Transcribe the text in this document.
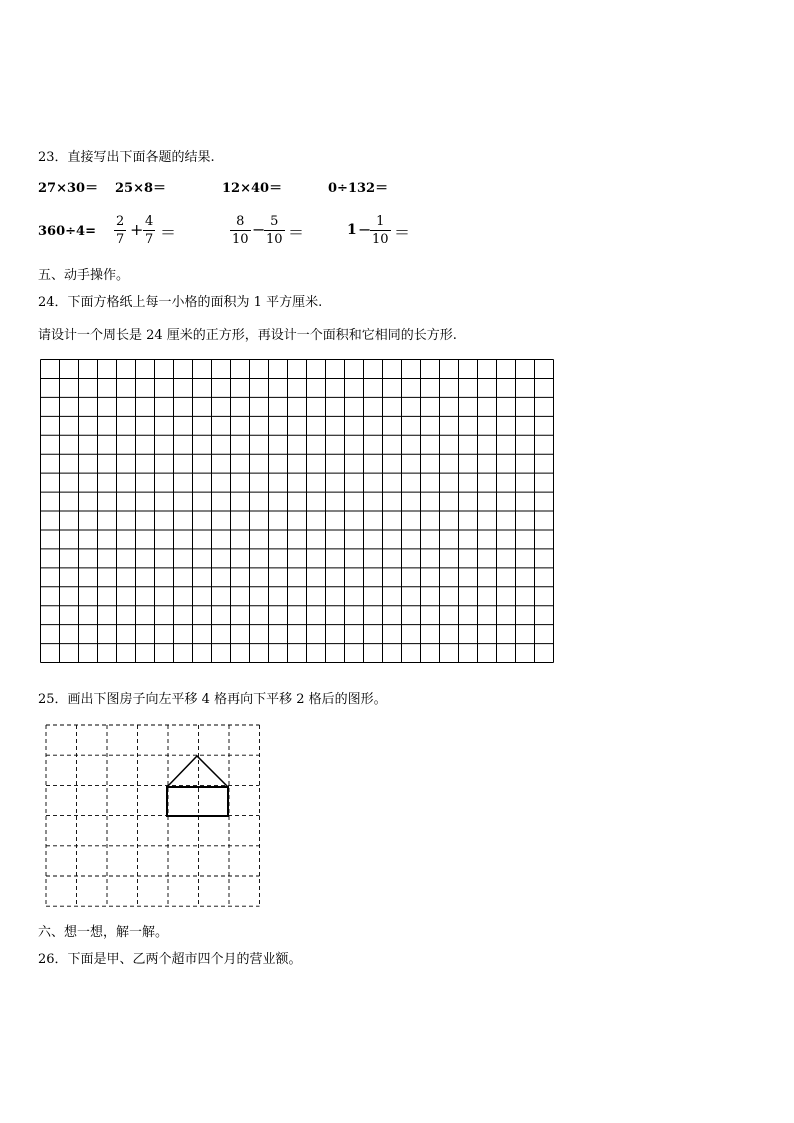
23．直接写出下面各题的结果.
27×30＝ 25×8＝	12×40＝	0÷132＝
$360\div 4= \frac{2}{7} + \frac{4}{7}$ ＝	$\frac{8}{10}$ −
$\frac{5}{10}$ ＝	1 −
$\frac{1}{10}$ ＝
五、动手操作。
24．下面方格纸上每一小格的面积为 1 平方厘米.
请设计一个周长是 24 厘米的正方形，再设计一个面积和它相同的长方形.
25．画出下图房子向左平移 4 格再向下平移 2 格后的图形。
六、想一想，解一解。
26．下面是甲、乙两个超市四个月的营业额。
